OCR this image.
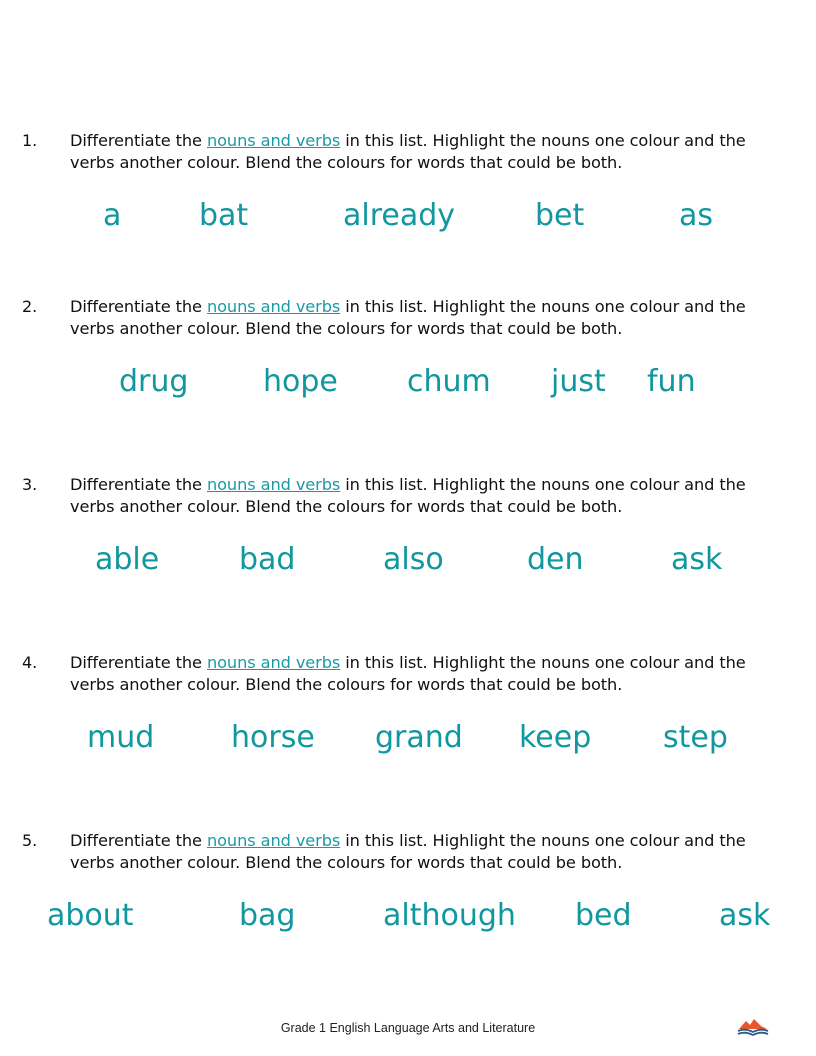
1. Differentiate the nouns and verbs in this list. Highlight the nouns one colour and the verbs another colour. Blend the colours for words that could be both.
a	bat	already	bet	as
2. Differentiate the nouns and verbs in this list. Highlight the nouns one colour and the verbs another colour. Blend the colours for words that could be both.
drug hope chum just fun
3. Differentiate the nouns and verbs in this list. Highlight the nouns one colour and the verbs another colour. Blend the colours for words that could be both.
able	bad	also	den	ask
4. Differentiate the nouns and verbs in this list. Highlight the nouns one colour and the verbs another colour. Blend the colours for words that could be both.
mud	horse grand keep step
5. Differentiate the nouns and verbs in this list. Highlight the nouns one colour and the verbs another colour. Blend the colours for words that could be both.
about	bag	although bed	ask
Grade 1 English Language Arts and Literature
